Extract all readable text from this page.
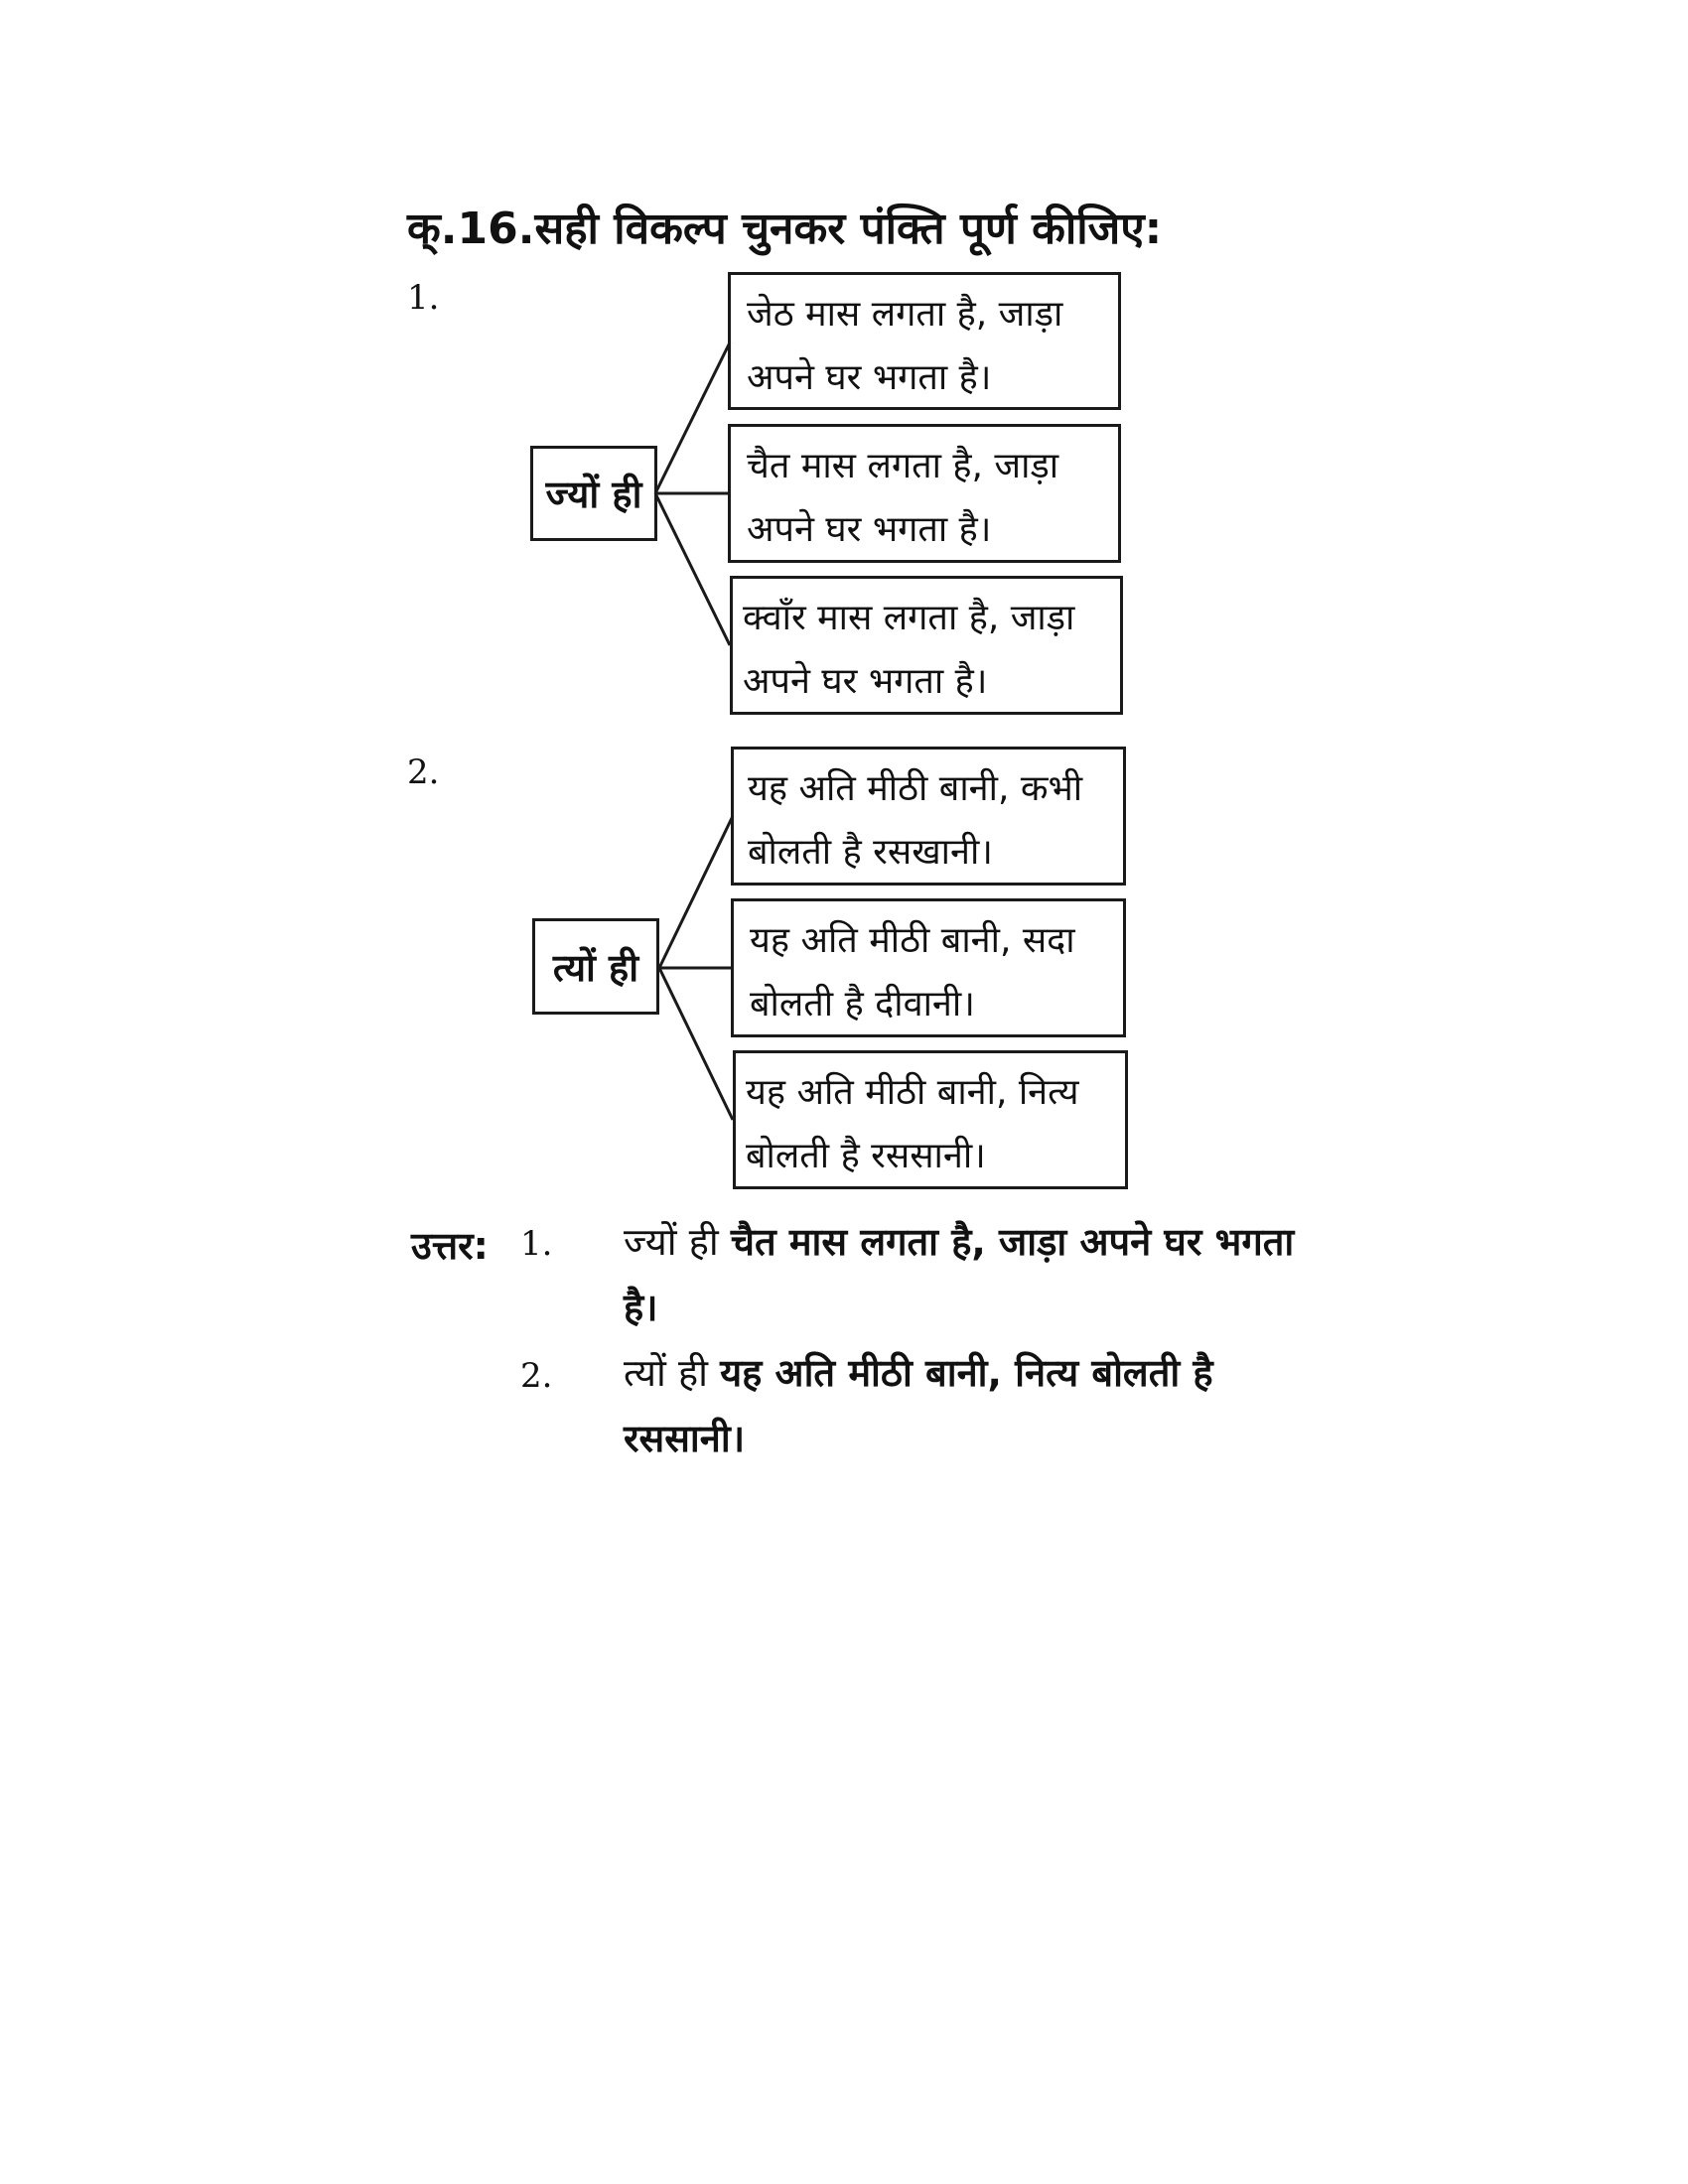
क्.16.सही विकल्प चुनकर पंक्ति पूर्ण कीजिए:
1.
ज्यों ही
जेठ मास लगता है, जाड़ा
अपने घर भगता है।
चैत मास लगता है, जाड़ा
अपने घर भगता है।
क्वाँर मास लगता है, जाड़ा
अपने घर भगता है।
2.
त्यों ही
यह अति मीठी बानी, कभी
बोलती है रसखानी।
यह अति मीठी बानी, सदा
बोलती है दीवानी।
यह अति मीठी बानी, नित्य
बोलती है रससानी।
उत्तर: 1. ज्यों ही चैत मास लगता है, जाड़ा अपने घर भगता है।
2. त्यों ही यह अति मीठी बानी, नित्य बोलती है रससानी।
